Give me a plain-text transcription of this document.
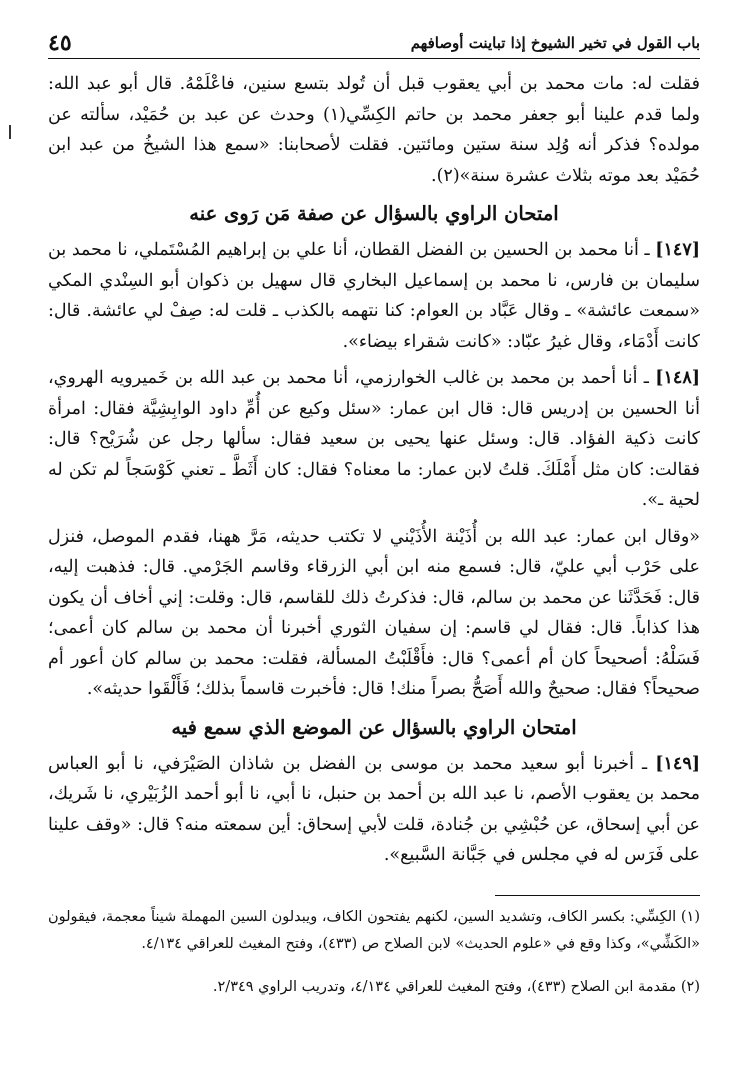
باب القول في تخير الشيوخ إذا تباينت أوصافهم
٤٥

فقلت له: مات محمد بن أبي يعقوب قبل أن تُولد بتسع سنين، فاعْلَمْهُ. قال أبو عبد الله: ولما قدم علينا أبو جعفر محمد بن حاتم الكِسِّي(١) وحدث عن عبد بن حُمَيْد، سألته عن مولده؟ فذكر أنه وُلِد سنة ستين ومائتين. فقلت لأصحابنا: «سمع هذا الشيخُ من عبد ابن حُمَيْد بعد موته بثلاث عشرة سنة»(٢).

امتحان الراوي بالسؤال عن صفة مَن رَوى عنه

[١٤٧] ـ أنا محمد بن الحسين بن الفضل القطان، أنا علي بن إبراهيم المُسْتَملي، نا محمد بن سليمان بن فارس، نا محمد بن إسماعيل البخاري قال سهيل بن ذكوان أبو السِنْدي المكي «سمعت عائشة» ـ وقال عَبَّاد بن العوام: كنا نتهمه بالكذب ـ قلت له: صِفْ لي عائشة. قال: كانت أَدْمَاء، وقال غيرُ عبّاد: «كانت شقراء بيضاء».

[١٤٨] ـ أنا أحمد بن محمد بن غالب الخوارزمي، أنا محمد بن عبد الله بن خَميرويه الهروي، أنا الحسين بن إدريس قال: قال ابن عمار: «سئل وكيع عن أُمِّ داود الوابِشِيَّة فقال: امرأة كانت ذكية الفؤاد. قال: وسئل عنها يحيى بن سعيد فقال: سألها رجل عن شُرَيْح؟ قال: فقالت: كان مثل أَمْلَكَ. قلتُ لابن عمار: ما معناه؟ فقال: كان أَثَطَّ ـ تعني كَوْسَجاً لم تكن له لحية ـ».

«وقال ابن عمار: عبد الله بن أُذَيْنة الأُذَيْني لا تكتب حديثه، مَرَّ ههنا، فقدم الموصل، فنزل على حَرْب أبي عليّ، قال: فسمع منه ابن أبي الزرقاء وقاسم الجَرْمي. قال: فذهبت إليه، قال: فَحَدَّثَنا عن محمد بن سالم، قال: فذكرتُ ذلك للقاسم، قال: وقلت: إني أخاف أن يكون هذا كذاباً. قال: فقال لي قاسم: إن سفيان الثوري أخبرنا أن محمد بن سالم كان أعمى؛ فَسَلْهُ: أصحيحاً كان أم أعمى؟ قال: فأَقْلَبْتُ المسألة، فقلت: محمد بن سالم كان أعور أم صحيحاً؟ فقال: صحيحٌ والله أَصَحُّ بصراً منك! قال: فأخبرت قاسماً بذلك؛ فَأَلْقَوا حديثه».

امتحان الراوي بالسؤال عن الموضع الذي سمع فيه

[١٤٩] ـ أخبرنا أبو سعيد محمد بن موسى بن الفضل بن شاذان الصَيْرَفي، نا أبو العباس محمد بن يعقوب الأصم، نا عبد الله بن أحمد بن حنبل، نا أبي، نا أبو أحمد الزُبَيْري، نا شَريك، عن أبي إسحاق، عن حُبْشِي بن جُنادة، قلت لأبي إسحاق: أين سمعته منه؟ قال: «وقف علينا على فَرَس له في مجلس في جَبَّانة السَّبيع».

(١) الكِسِّي: بكسر الكاف، وتشديد السين، لكنهم يفتحون الكاف، ويبدلون السين المهملة شيناً معجمة، فيقولون «الكَشِّي»، وكذا وقع في «علوم الحديث» لابن الصلاح ص (٤٣٣)، وفتح المغيث للعراقي ٤/١٣٤.

(٢) مقدمة ابن الصلاح (٤٣٣)، وفتح المغيث للعراقي ٤/١٣٤، وتدريب الراوي ٢/٣٤٩.
